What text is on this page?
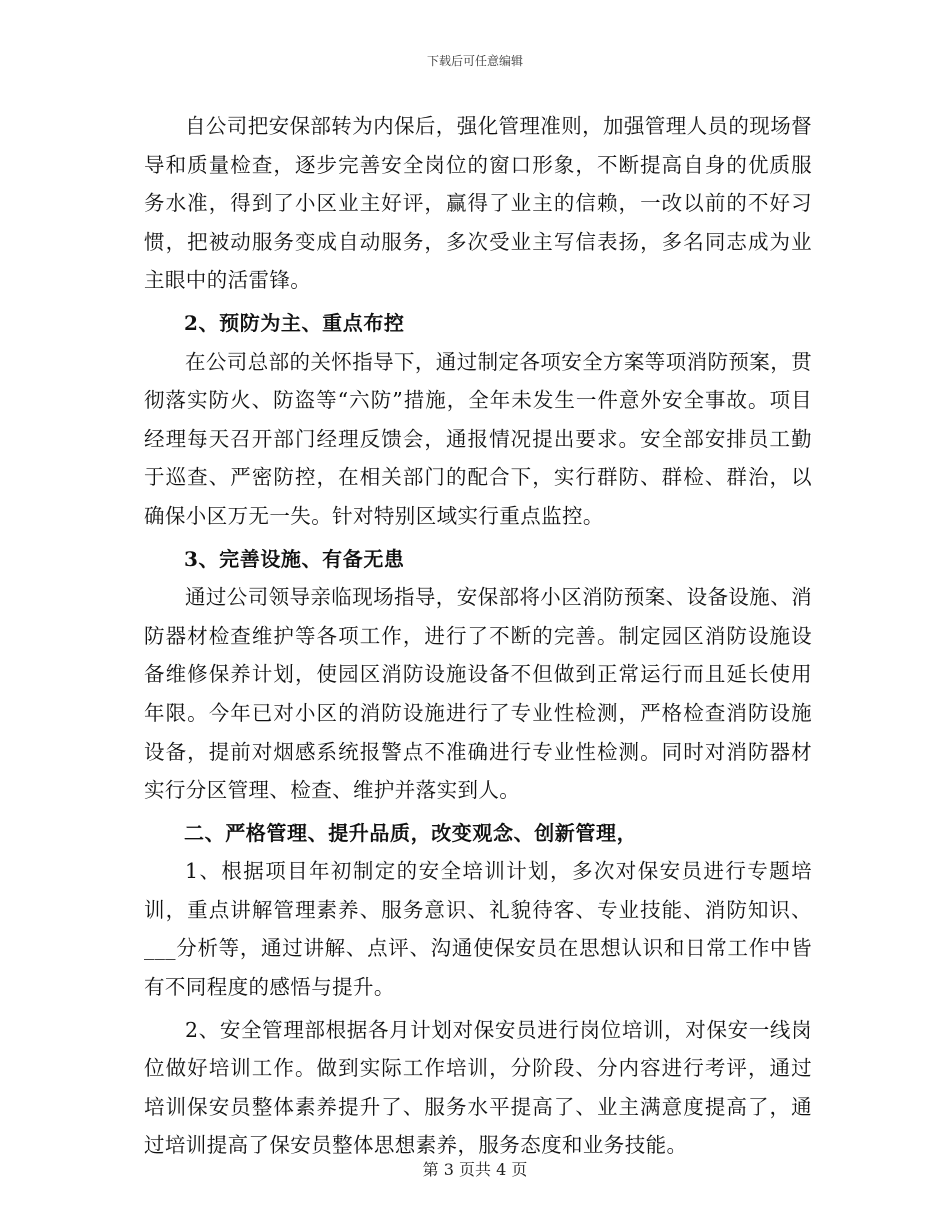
下载后可任意编辑

自公司把安保部转为内保后，强化管理准则，加强管理人员的现场督导和质量检查，逐步完善安全岗位的窗口形象，不断提高自身的优质服务水准，得到了小区业主好评，赢得了业主的信赖，一改以前的不好习惯，把被动服务变成自动服务，多次受业主写信表扬，多名同志成为业主眼中的活雷锋。

2、预防为主、重点布控

在公司总部的关怀指导下，通过制定各项安全方案等项消防预案，贯彻落实防火、防盗等“六防”措施，全年未发生一件意外安全事故。项目经理每天召开部门经理反馈会，通报情况提出要求。安全部安排员工勤于巡查、严密防控，在相关部门的配合下，实行群防、群检、群治，以确保小区万无一失。针对特别区域实行重点监控。

3、完善设施、有备无患

通过公司领导亲临现场指导，安保部将小区消防预案、设备设施、消防器材检查维护等各项工作，进行了不断的完善。制定园区消防设施设备维修保养计划，使园区消防设施设备不但做到正常运行而且延长使用年限。今年已对小区的消防设施进行了专业性检测，严格检查消防设施设备，提前对烟感系统报警点不准确进行专业性检测。同时对消防器材实行分区管理、检查、维护并落实到人。

二、严格管理、提升品质，改变观念、创新管理，

1、根据项目年初制定的安全培训计划，多次对保安员进行专题培训，重点讲解管理素养、服务意识、礼貌待客、专业技能、消防知识、___分析等，通过讲解、点评、沟通使保安员在思想认识和日常工作中皆有不同程度的感悟与提升。

2、安全管理部根据各月计划对保安员进行岗位培训，对保安一线岗位做好培训工作。做到实际工作培训，分阶段、分内容进行考评，通过培训保安员整体素养提升了、服务水平提高了、业主满意度提高了，通过培训提高了保安员整体思想素养，服务态度和业务技能。

第 3 页共 4 页
